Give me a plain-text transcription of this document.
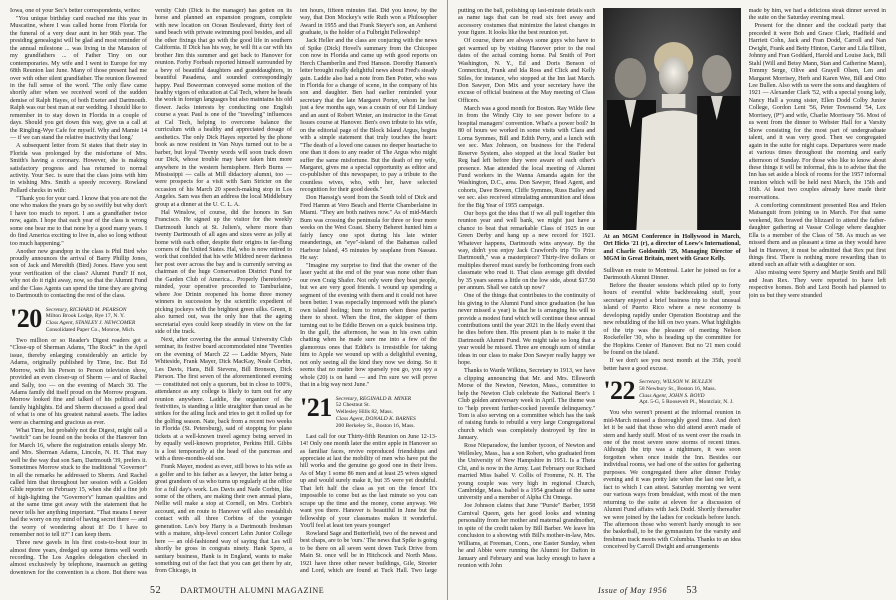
Iowa, one of your Sec's better correspondents, writes:

"You unique birthday card reached me this year in Muscatine, where I was called home from Florida for the funeral of a very dear aunt in her 96th year. The presiding genealogist will be glad and most reminder of the annual milestone ... was living in the Mansion of my grandfathers ... of Father Tiny on our contemporaries. My wife and I went to Europe for my 68th Reunion last June. Many of those present had me over with other silent grandfather. The reunion flowered in the full sense of the word. 'The only flaw came shortly after when we received word of the sudden demise of Ralph Hayes, of both Exeter and Dartmouth. Ralph was our best man at our wedding. I should like to remember in to stay down in Florida in a couple of days. Should you get down this way, give us a call at the Ringling-Wye Cafe for myself. Why and Mamie 14 — if we can stand the relative inactivity that long.'

A subsequent letter from St states that their stay in Florida was prolonged by the misfortune of Mrs. Smith's having a coronary. However, she is making satisfactory progress and has returned to normal activity. Your Sec. is sure that the class joins with him in wishing Mrs. Smith a speedy recovery. Rowland Pollard checks in with:

"Thank you for your card. I know that you are not the one who makes the years go by so swiftly but why don't I have too much to report. I am a grandfather twice now, again. I hope that each year of the class is wrong some one bear me to that none by a good many years. I do find America exciting to live in, also so long without too much happening."

Another new grandpop in the class is Phil Bird who proudly announces the arrival of Barry Phillip Jones, son of Jack and Meredith (Bird) Jones. Have you sent your verification of the class? Alumni Fund? If not, why not do it right away, now, so that the Alumni Fund and the Class Agents can spend the time they are giving to Dartmouth to contacting the rest of the class.

'20 Secretary, RICHARD M. PEARSON
Milton Brook Lodge, Rye 17, N. Y.
Class Agent, STANLEY J. NEWCOMER
Consolidated Paper Co., Monroe, Mich.

Two million or so Reader's Digest readers got a "Close-up of Sherman Adams, 'The Rock'" in the April issue, thereby enlarging considerably an article by Adams, originally published by Time, Inc. But Ed Morrow, with his Person to Person television show, provided an even closer-up of Sherm — and of Rachel and Sally, too — on the evening of March 30. The Adams family did itself proud on the Morrow program. Morrow looked fine and talked of his political and family highlights. Ed and Sherm discussed a good deal of what is one of his greatest natural assets. The ladies were as charming and gracious as ever.

What Time, but probably not the Digest, might call a "switch" can be found on the books of the Hanover Inn for March 16, where the registration entails sleepy Mr. and Mrs. Sherman Adams, Lincoln, N. H. That may well be the way that son Sam, Dartmouth '39, prefers it. Sometimes Morrow stuck to the traditional "Governor" in all the remarks he addressed to Sherm. And Rachel called him that throughout her session with a Golden Glide reporter on February 15, when she did a fine job of high-lighting the "Governor's" human qualities and at the same time got away with the statement that he never tells her anything important. "That means I never had the worry on my mind of having secret there — and the worry of wondering about it! Do I have to remember not to tell it?" I can keep them.

Three new gavels in his first costs-to-bout tour in almost three years, dredged up some items well worth recording. The Los Angeles delegation checked in almost exclusively by telephone, inasmuch as getting downtown for the convention is a chore. But there was

versity Club (Dick is the manager) has gotten on its horse and planned an expansion program, complete with new location on Ocean Boulevard, thirty feet of sand beach with private swimming pool besides, and all the other fixings that go with the good life in southern California. If Dick has his way, he will fit a car with his brother Jim this summer and get back to Hanover for reunion. Forby Forbush reported himself surrounded by a bevy of beautiful daughters and granddaughters, in beautiful Pasadena, and sounded correspondingly happy. Paul Bowerman conveyed some motion of the healthy vigors of education at Cal Tech, where he heads the work in foreign languages but also maintains his old flower. Jacks interests by conducting one English course a year. Paul is one of the "traveling" influences at Cal Tech, helping to overcome balance the curriculum with a healthy and appreciated dosage of aesthetics. The only Dick Hayes reported by the phone book as now resident in Van Nuys turned out to be a barber, but loyal 'Twenty words will soon track down our Dick, whose trouble may have taken him more anywhere in the western hemisphere. Herb Burns — Mississippi — calls at Mill didactory alumni, too — were prospects for a visit with Sam Stricter on the occasion of his March 20 speech-making stop in Los Angeles. Sam was then an address the local Middlebury group at a dinner at the U. C. L. A.

Hal Winslow, of course, did the honors in San Francisco. He signed up the visitor for the weekly Dartmouth lunch at St. Julien's, where more than twenty Dartmouth of all ages and sizes were as jolly at home with each other, despite their origins in far-flung corners of the United States. Hal, who is now retired to work that confided that his wife Mildred never darkness her post over across the bay and is currently serving as chairman of the huge Conservation District Fund for the Garden Club of America... Properly (heretofore)-minded, your operative proceeded to Tamburlaine, where Joe Drinin reopened his home three money winners in succession by the scientific expedient of picking jockeys with the brightest green silks. Green, it also turned out, was the only hue that the ageing secretarial eyes could keep steadily in view on the far side of the track.

Next, after covering the the annual University Club seminar, its festive board accommodated nine 'Twenties on the evening of March 22 — Laddie Myers, Nate Whiteside, Frank Mayer, Dick MacKay, Neale Corbin, Les Davis, Hans, Bill Stevens, Bill Bronson, Dick Pierson. The first seven of the aforementioned evening — constituted not only a quorum, but in close to 100%, attendance as any college is likely to turn out for any reunion anywhere. Laddie, the organizer of the festivities, is standing a little straighter than usual as he strikes for the ailing luck and tries to get it rolled up for the golfing season. Nate, back from a recent two weeks in Florida (St. Petersburg), said of stopping for plane tickets at a well-known travel agency being served in by equally well-known proprietor, Perkins Hill. Gibbs is a lost temporarily at the head of the pancreas and with a three-months-old son.

Frank Mayer, modest as ever, still bows to his wife as a golfer and to his father as a lawyer, the latter being a great grandson of us who turns up regularly at the office for a full day's work. Les Davis and Nade Corbin, like some of the others, are making their own annual plans, Nellie will make a stop at Cornell, on Mrs. Corbin's account, and en route to Hanover will also reestablish contact with all three Corbins of the younger generation. Les's boy Harry is a Dartmouth freshman with a mature, ship-level concert Lehn Junior College here — an old-fashioned way of saying that Les will shortly be gross in congrats ninety. Hank Spero, a sanitary business, Hank is in England, wants to make something out of the fact that you can get there by air, from Chicago, in

ten hours, fifteen minutes flat. Did you know, by the way, that Don Mockey's wife Ruth won a Philosopher Award in 1955 and that Frank Steyer's son, an Amherst graduate, is the holder of a Fulbright Fellowship?

Jack Heller and the class are conjuring with the news of Spike (Dick) Hovel's summary from the Chicopee con now in Florida and came up with good reports on Herch Chamberlin and Fred Hanson. Dorothy Hansen's letter brought really delightful news about Fred's steady gain. Laddie also had a note from Ben Potter, who was in Florida for a change of scene, in the company of his son and daughter. Ben had earlier reminded your secretary that the late Margaret Porter, whom he lost just a few months ago, was a cousin of our Ed Lindsay and an aunt of Robert Winter, an instructor in the Great Issues course at Hanover. Ben's own tribute to his wife, on the editorial page of the Block Island Argus, begins with a simple statement that truly touches the heart: "The death of a loved one causes no deeper heartache to one than it does to any reader of The Argus who might suffer the same misfortune. But the death of my wife, Margaret, gives me a special opportunity as editor and co-publisher of this newspaper, to pay a tribute to the countless wives, who, with her, have selected recognition for their good deeds."

Don Haessig's word from the South told of Dick and Fred Hamm at Vero Beach and Herrie Chamberlaine in Miami. "They are both natives now." As of mid-March Bum was crossing the peninsula for three or four more weeks on the West Coast. Sherry Beheret hunted him a fairly fancy one spot during his late winter meanderings, an "eye"-island of the Bahamas called Harbour Island, 45 minutes by seaplane from Nassau. He say:

"Imagine my surprise to find that the owner of the laser yacht at the end of the year was none other than our own Craig Shafer. Not only were they boat people, but we are very good friends. I wound up spending a segment of the evening with them and it could not have been better. I was especially impressed with the plane's own island feeling; bum to return when these parties there to shoot. When the first, the skipper of them turning out to be Eddie Brown on a quick business trip. In the gulf, the afternoon, he was in his own cabin chatting when he made sure me into a few of the glamorous ones that Eddie's is irresistible for taking him to Apple we wound up with a delightful evening, not only seeing all the kind they now we doing. So it seems that no matter how sparsely you go, you spy a whole (20) is on hand — and I'm sure we will prove that in a big way next June."

'21 Secretary, REGINALD B. MINER
52 Chestnut St.
Wellesley Hills 82, Mass.
Class Agent, DONALD K. BARNES
200 Berkeley St., Boston 16, Mass.

Last call for our Thirty-fifth Reunion on June 12-13-14! Only one month later the entire apple in Hanover so as familiar faces, revive reproduced friendships and appreciate at last the mobility of men who have put the hill works and the genuine go good one in their lives. As of May 1 some 86 men and at least 25 wives signed up and would surely make it, but 35 were yet doubtful. That left half the class as yet on the fence! It's impossible to come but as the last minute so you can scrape up the time and the money, come anyway. We want you there. Hanover is beautiful in June but the fellowship of your classmates makes it wonderful. You'll feel at least ten years younger!

Rowland Sage and Butterfield, two of the newest and best chaps, are to be 'ours.' The news that Spike is going to be there on all seven went down Tuck Drive from Main St. once will be in Hitchcock and North Mass. 1921 have three other newer buildings, Gile, Streeter and Lord, which are found at Tuck Hall. Two large

52 DARTMOUTH ALUMNI MAGAZINE

putting on the ball, polishing up last-minute details such as name tags that can be read six feet away and accessory costumes that minimize the latest changes in your figure. It looks like the best reunion yet.

Of course, there are always some guys who have to get warmed up by visiting Hanover prior to the real dates of the actual coming home. Pal Smith of Port Washington, N. Y., Ed and Doris Benson of Connecticut, Frank and Ida Ross and Click and Kelly Stiles, for instance, who stopped at the Inn last March. Don Sawyer, Don Mix and your secretary have the excuse of official business at the May meeting of Class Officers.

March was a good month for Boston. Ray Wilde flew in from the Windy City to see power before to a hospital managers' convention. What's a power boil? In 80 of hours we worked in some visits with Clara and Lorna Symmes, Bill and Edith Perry, and a lunch with we sec. Max Johnson, on business for the Federal Reserve System, also stopped at the local Statler but Reg had left before they were aware of each other's presence. Mae attended the local meeting of Alumni Fund workers in the Wanna Amanda again for the Washington, D.C., area. Don Sawyer, Head Agent, and cohorts, Dave Bowen, Cliffe Symmes, Russ Bailey and we sec. also received stimulating ammunition and ideas for the Big Year of 1955 campaign.

Our boys got the idea that if we all pull together this reunion year and well bank, we might just have a chance to beat that remarkable Class of 1925 in our Green Derby and hang up a new record for 1921. Whatever happens, Dartmouth wins anyway. By the way, didn't you enjoy Jack Crawford's trip "To Prior Dartmouth," was a masterpiece? Thirty-five dollars or multiples thereof must surely be forthcoming from each classmate who read it. That class average gift divided by 35 years seems a little on the low side, about $17.50 per annum. Shall we catch up now?

One of the things that contributes to the continuity of his giving to the Alumni Fund since graduation (he has never missed a year) is that he is arranging his will to provide a modest fund which will continue these annual contributions until the year 2021 in the likely event that he dies before then. His present plan is to make it the Dartmouth Alumni Fund. We might take so long that a year would be missed. Three are enough sum of similar ideas in our class to make Don Sawyer really happy we hope.

Thanks to Warde Wilkins, Secretary to 1913, we have a clipping announcing that Mr. and Mrs. Ellsworth Morse of the Newton, Newton, Mass., committee to help the Newton Club celebrate the National Beer's 1 Club golden anniversary week in April. The theme was to "help prevent further-cocked juvenile delinquency." Tom is also serving on a committee which has the task of raising funds to rebuild a very large Congregational church which was completely destroyed by fire in January.

Rose Nieparadow, the lumber tycoon, of Newton and Wellesley, Mass., has a son Robert, who graduated from the University of New Hampshire in 1951. Is a Theta Chi, and is now in the Army. Last February our Richard married Miss Isabel V. Collis of Fromme, N. H. The young couple was very high in regional Church, Cambridge, Mass. Isabel is a 1954 graduate of the same university and a member of Alpha Chi Omega.

Joe Johnson claims that June "Pursie" Barber, 1958 Carnival Queen, gets her good looks and winning personality from her mother and maternal grandmother, in spite of the credit taken by Bill Barber. We leave his conclusion to a showing with Bill's mother-in-law, Mrs. Williams, at Freeman, Conn., one Easter Sunday, when he and Abbie were running the Alumni for Dafton in January and February and was lucky enough to have a reunion with John

At an MGM Conference in Hollywood in March, Ort Hicks '21 (r), a director of Loew's International, and Charlie Goldsmith '29, Managing Director of MGM in Great Britain, meet with Grace Kelly.

Sullivan en route to Montreal. Later he joined us for a Dartmouth Alumni Dinner.

Before the theater sessions which piled up to forty hours of eventful white backbreaking stuff, your secretary enjoyed a brief business trip to that unusual island of Puerto Rico where a new economy is developing rapidly under Operation Bootstrap and the new rebuilding of the hill on two years. What highlights of the trip was the pleasure of meeting Nelson Rockefeller '30, who is heading up the committee for the Hopkins Center of Hanover. But no '21 men could be found on the island.

If we don't see you next month at the 35th, you'd better have a good excuse.

'22 Secretary, WILSON W. BULLEN
58 Newbury St., Boston 16, Mass.
Class Agent, JOHN S. BOYD
Apt. 5-G, 5 Roosevelt Pl., Montclair, N. J.

You who weren't present at the informal reunion in mid-March missed a thoroughly good time. And don't let it be said that those who did attend aren't made of stern and hardy stuff. Most of us went over the roads in one of the most severe snow storms of recent times. Although the trip was a nightmare, it was soon forgotten when once inside the Inn. Besides our individual rooms, we had one of the suites for gathering purposes. We congregated there after dinner Friday evening and it was pretty late when the last one left, a fact to which I can attest. Saturday morning we went our various ways from breakfast, with most of the men returning to the suite at eleven for a discussion of Alumni Fund affairs with Jack Dodd. Shortly thereafter we were joined by the ladies for cocktails before lunch. The afternoon those who weren't hardy enough to see the basketball, to be the gymnasium for the varsity and freshman track meets with Columbia. Thanks to an idea conceived by Carroll Dwight and arrangements

made by him, we had a delicious steak dinner served in the suite on the Saturday evening meal.

Present for the dinner and the cocktail party that preceded it were Bob and Grace Clark, Hadfield and Harriett Cohn, Jack and Fran Dodd, Carroll and Nan Dwight, Frank and Betty Hinton, Carter and Lila Elliott, Johnny and Fran Goddard, Harold and Louise Jack, Bill Stahl (Will and Betsy Mann, Stan and Catherine Mann), Tommy Serge, Olive and Grayell Olsen, Len and Margaret Morrisey, Herb and Karen Wee, Bill and Otto Lee Bullen. Also with us were the sons and daughters of 1921 — Alexander Clark '52, with a special young lady, Nancy Hall a young sister, Ellen Dodd Colby Junior College, Gordon Lent '56, Peter Townsend '54, Lex Morrisey, (P°) and wife, Charlie Morrissey '56. Most of us went from the dinner to Webster Hall for a Varsity Show consisting for the most part of undergraduate talent, and it was very good. Then we congregated again in the suite for night caps. Departures were made at various times throughout the morning and early afternoon of Sunday. For those who like to know about these things it will be informal, this is to advise that the Inn has set aside a block of rooms for the 1957 informal reunion which will be held next March, the 15th and 16th. At least two couples already have made their reservations.

A comforting commitment presented Rea and Helen Matsanguit from joining us in March. For that same weekend, Rex braved the blizzard to attend the father-daughter gathering at Vassar College where daughter Ella is a member of the Class of '58. As much as we missed them and as pleasant a time as they would have had in Hanover, it must be admitted that Rex put first things first. There is nothing more rewarding than to attend such an affair with a daughter or son.

Also missing were Sperry and Marjie Smith and Bill and Jean Rex. They were reported to have left respective homes. Bob and Lexi Booth had planned to join us but they were stranded

Issue of May 1956 53
